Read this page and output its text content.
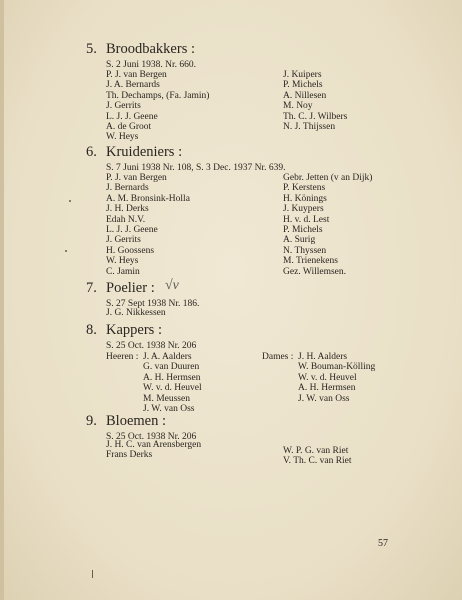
5. Broodbakkers :
S. 2 Juni 1938. Nr. 660.
P. J. van Bergen
J. A. Bernards
Th. Dechamps, (Fa. Jamin)
J. Gerrits
L. J. J. Geene
A. de Groot
W. Heys
J. Kuipers
P. Michels
A. Nillesen
M. Noy
Th. C. J. Wilbers
N. J. Thijssen
6. Kruideniers :
S. 7 Juni 1938 Nr. 108, S. 3 Dec. 1937 Nr. 639.
P. J. van Bergen
J. Bernards
A. M. Bronsink-Holla
J. H. Derks
Edah N.V.
L. J. J. Geene
J. Gerrits
H. Goossens
W. Heys
C. Jamin
Gebr. Jetten (v an Dijk)
P. Kerstens
H. Könings
J. Kuypers
H. v. d. Lest
P. Michels
A. Surig
N. Thyssen
M. Trienekens
Gez. Willemsen.
7. Poelier :
S. 27 Sept 1938 Nr. 186.
√v
J. G. Nikkessen
8. Kappers :
S. 25 Oct. 1938 Nr. 206
Heeren : J. A. Aalders
G. van Duuren
A. H. Hermsen
W. v. d. Heuvel
M. Meussen
J. W. van Oss
Dames : J. H. Aalders
W. Bouman-Kölling
W. v. d. Heuvel
A. H. Hermsen
J. W. van Oss
9. Bloemen :
S. 25 Oct. 1938 Nr. 206
J. H. C. van Arensbergen
Frans Derks	W. P. G. van Riet
V. Th. C. van Riet
57
